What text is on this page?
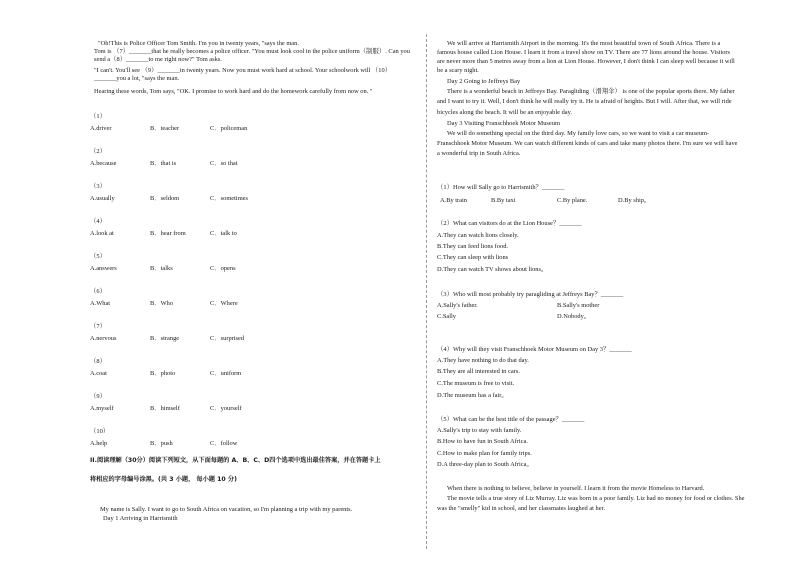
"Oh!This is Police Officer Tom Smith. I'm you in twenty years, "says the man.
Tom is （7）_______that he really becomes a police officer. "You must look cool in the police uniform（制服）. Can you send a（8）_______to me right now?" Tom asks.
"I can't. You'll see （9）_______in twenty years. Now you must work hard at school. Your schoolwork will （10）_______you a lot, "says the man.
Hearing these words, Tom says, "OK. I promise to work hard and do the homework carefully from now on. "
（1）
A.driver	B．teacher	C．policeman
（2）
A.because	B．that is	C．so that
（3）
A.usually	B．seldom	C．sometimes
（4）
A.look at	B．hear from	C．talk to
（5）
A.answers	B．talks	C．opens
（6）
A.What	B．Who	C．Where
（7）
A.nervous	B．strange	C．surprised
（8）
A.coat	B．photo	C．uniform
（9）
A.myself	B．himself	C．yourself
（10）
A.help	B．push	C．follow
II.阅读理解（30分）阅读下列短文，从下面每题的 A、B、C、D四个选项中选出最佳答案，并在答题卡上
将相应的字母编号涂黑。(共 3 小题， 每小题 10 分)
My name is Sally. I want to go to South Africa on vacation, so I'm planning a trip with my parents.
Day 1 Arriving in Harrismith
We will arrive at Harrismith Airport in the morning. It's the most beautiful town of South Africa. There is a
famous house called Lion House. I learn it from a travel show on TV. There are 77 lions around the house. Visitors
are never more than 5 metres away from a lion at Lion House. However, I don't think I can sleep well because it will
be a scary night.
Day 2 Going to Jeffreys Bay
There is a wonderful beach in Jeffreys Bay. Paragliding（滑翔伞） is one of the popular sports there. My father
and I want to try it. Well, I don't think he will really try it. He is afraid of heights. But I will. After that, we will ride
bicycles along the beach. It will be an enjoyable day.
Day 3 Visiting Franschhoek Motor Museum
We will do something special on the third day. My family love cars, so we want to visit a car museum-
Franschhoek Motor Museum. We can watch different kinds of cars and take many photos there. I'm sure we will have
a wonderful trip in South Africa.
（1）How will Sally go to Harrismith？_______
A.By train	B.By taxi	C.By plane.	D.By ship。
（2）What can visitors do at the Lion House？_______
A.They can watch lions closely.
B.They can feed lions food.
C.They can sleep with lions
D.They can watch TV shows about lions。
（3）Who will most probably try paragliding at Jeffreys Bay？_______
A.Sally's father.	B.Sally's mother
C.Sally	D.Nobody。
（4）Why will they visit Franschhoek Motor Museum on Day 3？_______
A.They have nothing to do that day.
B.They are all interested in cars.
C.The museum is free to visit.
D.The museum has a fair。
（5）What can be the best title of the passage？_______
A.Sally's trip to stay with family.
B.How to have fun in South Africa.
C.How to make plan for family trips.
D.A three-day plan to South Africa。
When there is nothing to believe, believe in yourself. I learn it from the movie Homeless to Harvard.
The movie tells a true story of Liz Murray. Liz was born in a poor family. Liz had no money for food or clothes. She
was the "smelly" kid in school, and her classmates laughed at her.
